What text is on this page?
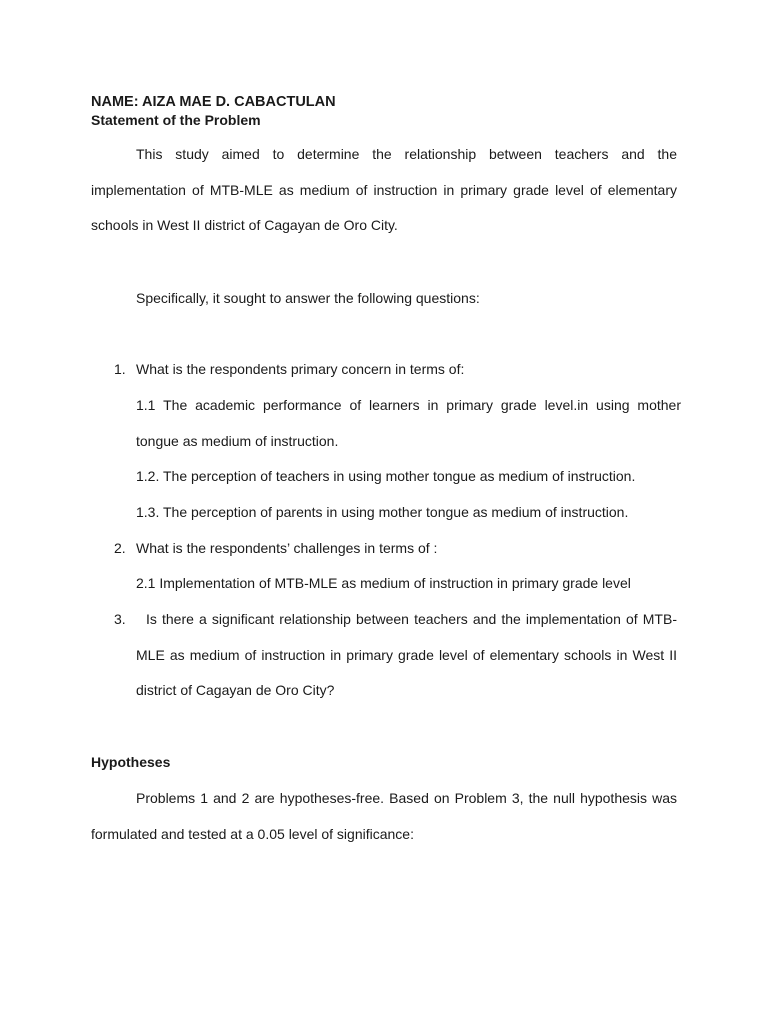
NAME: AIZA MAE D. CABACTULAN
Statement of the Problem

This study aimed to determine the relationship between teachers and the implementation of MTB-MLE as medium of instruction in primary grade level of elementary schools in West II district of Cagayan de Oro City.

Specifically, it sought to answer the following questions:
1. What is the respondents primary concern in terms of:

1.1 The academic performance of learners in primary grade level.in using mother tongue as medium of instruction.

1.2. The perception of teachers in using mother tongue as medium of instruction.
1.3. The perception of parents in using mother tongue as medium of instruction.
2. What is the respondents’ challenges in terms of :
2.1 Implementation of MTB-MLE as medium of instruction in primary grade level
3.	Is there a significant relationship between teachers and the implementation of MTB-MLE as medium of instruction in primary grade level of elementary schools in West II district of Cagayan de Oro City?

Hypotheses

Problems 1 and 2 are hypotheses-free. Based on Problem 3, the null hypothesis was formulated and tested at a 0.05 level of significance:
